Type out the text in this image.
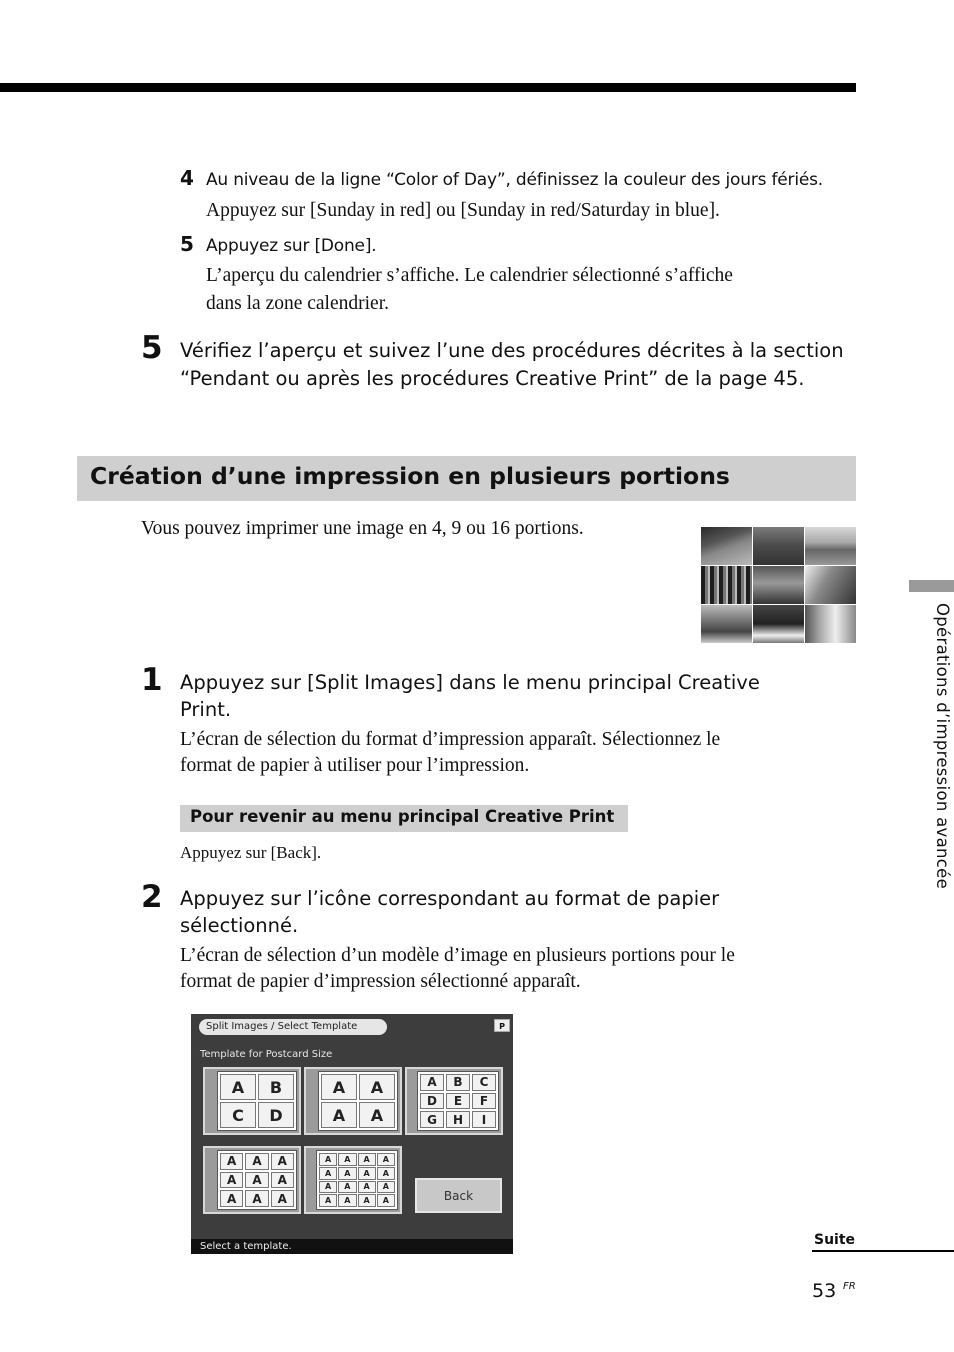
4 Au niveau de la ligne “Color of Day”, définissez la couleur des jours fériés.
Appuyez sur [Sunday in red] ou [Sunday in red/Saturday in blue].
5 Appuyez sur [Done].
L’aperçu du calendrier s’affiche. Le calendrier sélectionné s’affiche
dans la zone calendrier.
5 Vérifiez l’aperçu et suivez l’une des procédures décrites à la section
“Pendant ou après les procédures Creative Print” de la page 45.
Création d’une impression en plusieurs portions
Vous pouvez imprimer une image en 4, 9 ou 16 portions.
1 Appuyez sur [Split Images] dans le menu principal Creative
Print.
L’écran de sélection du format d’impression apparaît. Sélectionnez le
format de papier à utiliser pour l’impression.
Pour revenir au menu principal Creative Print
Appuyez sur [Back].
2 Appuyez sur l’icône correspondant au format de papier
sélectionné.
L’écran de sélection d’un modèle d’image en plusieurs portions pour le
format de papier d’impression sélectionné apparaît.
Split Images / Select Template	P
Template for Postcard Size
A	B
C	D
A	A
A	A
A	B	C
D	E	F
G	H	I
A	A	A
A	A	A
A	A	A
A	A	A	A
A	A	A	A
A	A	A	A
A	A	A	A	Back
Select a template.
Opérations d’impression avancée
Suite
53 FR
